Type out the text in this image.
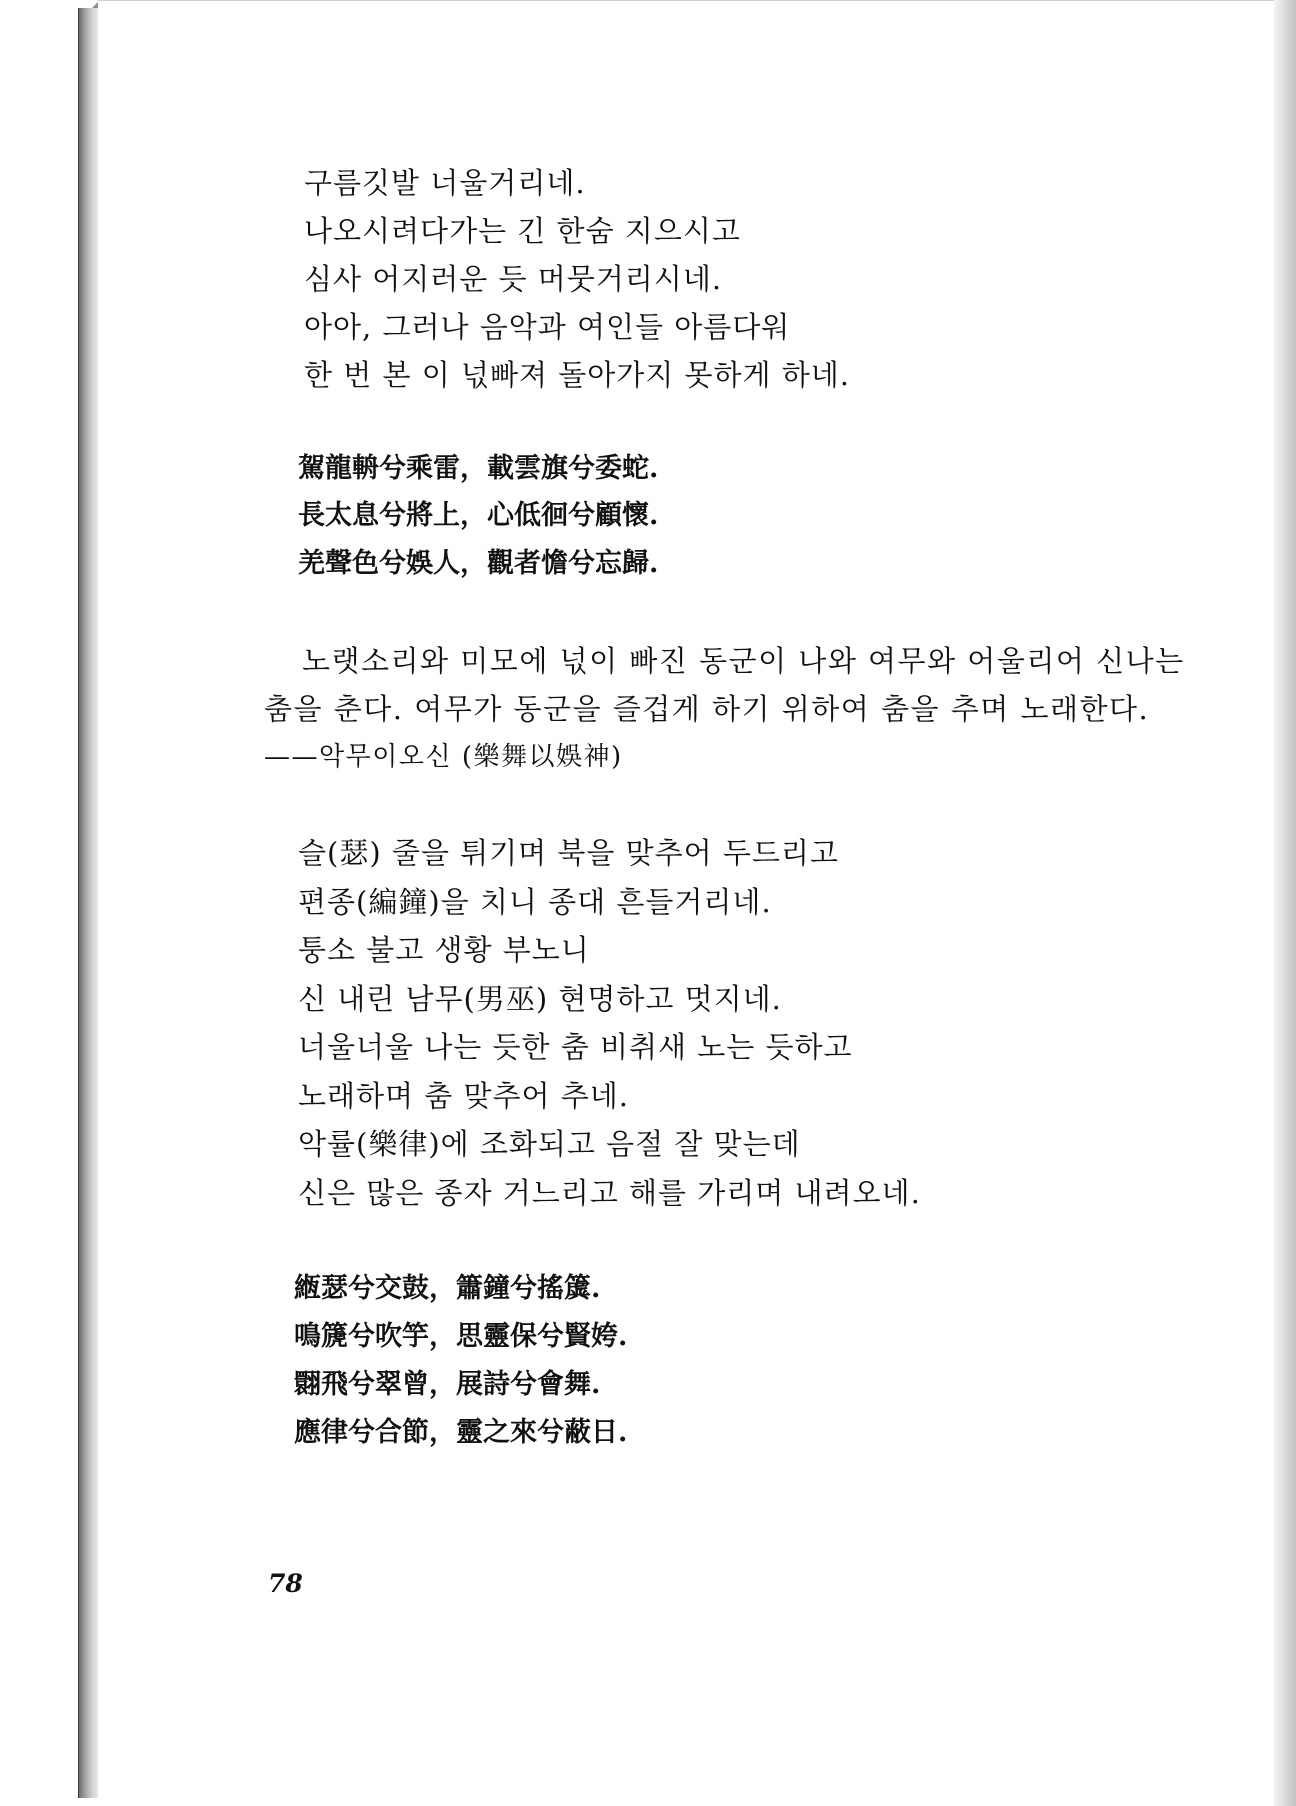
구름깃발 너울거리네.
나오시려다가는 긴 한숨 지으시고
심사 어지러운 듯 머뭇거리시네.
아아, 그러나 음악과 여인들 아름다워
한 번 본 이 넋빠져 돌아가지 못하게 하네.
駕龍輈兮乘雷，載雲旗兮委蛇.
長太息兮將上，心低徊兮顧懷.
羌聲色兮娛人，觀者憺兮忘歸.
노랫소리와 미모에 넋이 빠진 동군이 나와 여무와 어울리어 신나는
춤을 춘다. 여무가 동군을 즐겁게 하기 위하여 춤을 추며 노래한다.
——악무이오신 (樂舞以娛神)
슬(瑟) 줄을 튀기며 북을 맞추어 두드리고
편종(編鐘)을 치니 종대 흔들거리네.
퉁소 불고 생황 부노니
신 내린 남무(男巫) 현명하고 멋지네.
너울너울 나는 듯한 춤 비취새 노는 듯하고
노래하며 춤 맞추어 추네.
악률(樂律)에 조화되고 음절 잘 맞는데
신은 많은 종자 거느리고 해를 가리며 내려오네.
緪瑟兮交鼓，簫鐘兮搖簴.
鳴篪兮吹竽，思靈保兮賢姱.
翾飛兮翠曾，展詩兮會舞.
應律兮合節，靈之來兮蔽日.
78
